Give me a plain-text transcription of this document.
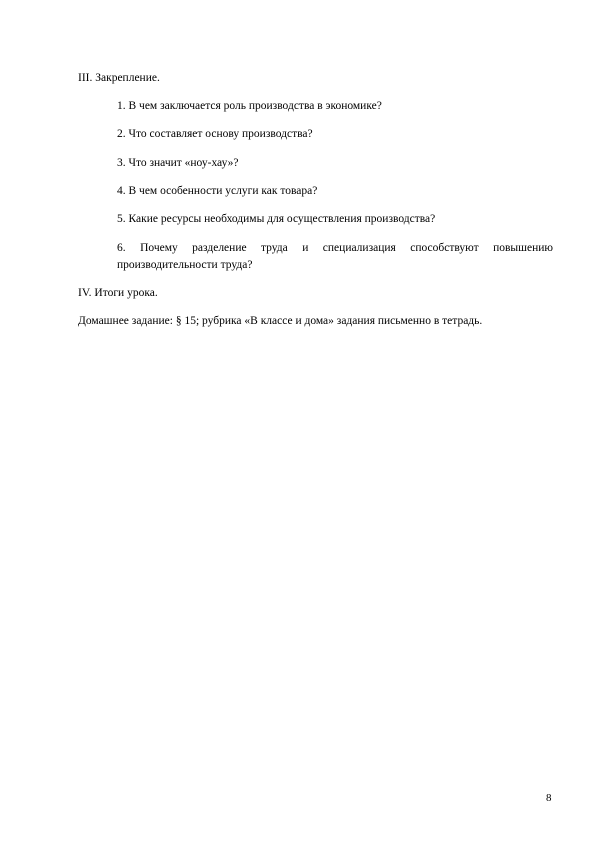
III. Закрепление.
1. В чем заключается роль производства в экономике?
2. Что составляет основу производства?
3. Что значит «ноу-хау»?
4. В чем особенности услуги как товара?
5. Какие ресурсы необходимы для осуществления производства?
6. Почему разделение труда и специализация способствуют повышению
производительности труда?
IV. Итоги урока.
Домашнее задание: § 15; рубрика «В классе и дома» задания письменно в тетрадь.
8
